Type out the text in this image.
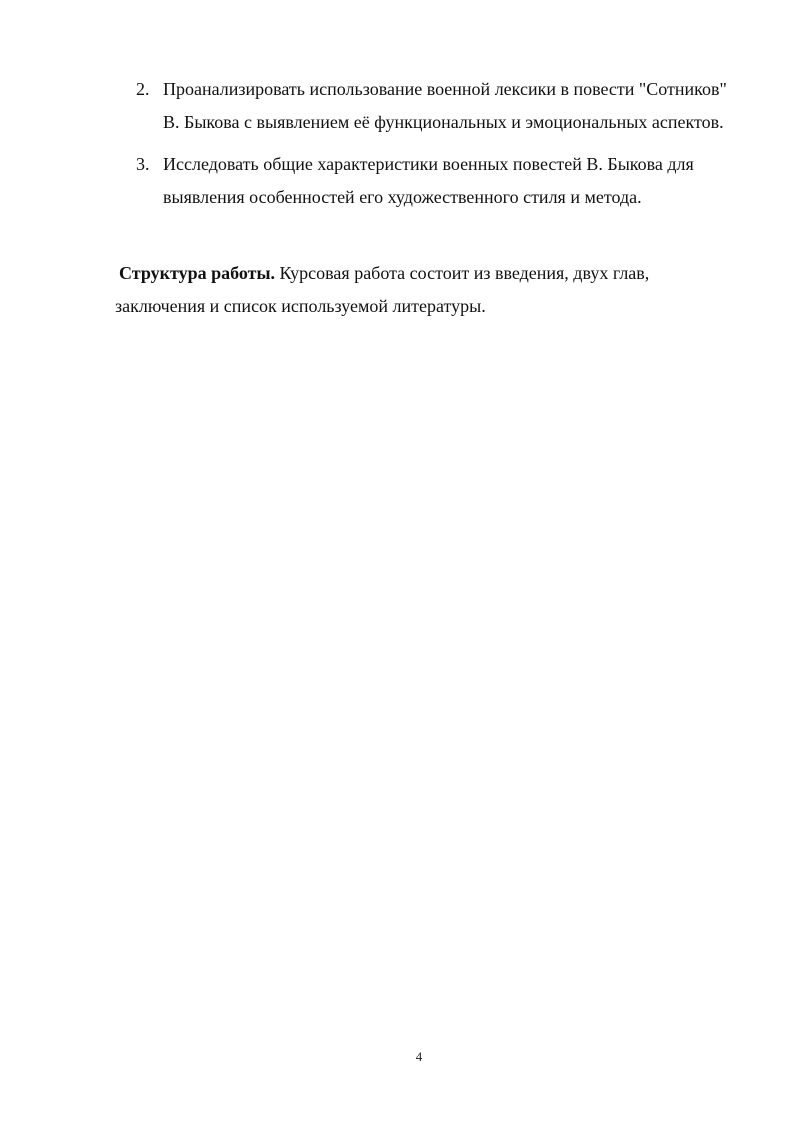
2. Проанализировать использование военной лексики в повести "Сотников" В. Быкова с выявлением её функциональных и эмоциональных аспектов.
3. Исследовать общие характеристики военных повестей В. Быкова для выявления особенностей его художественного стиля и метода.

Структура работы. Курсовая работа состоит из введения, двух глав, заключения и список используемой литературы.

4
